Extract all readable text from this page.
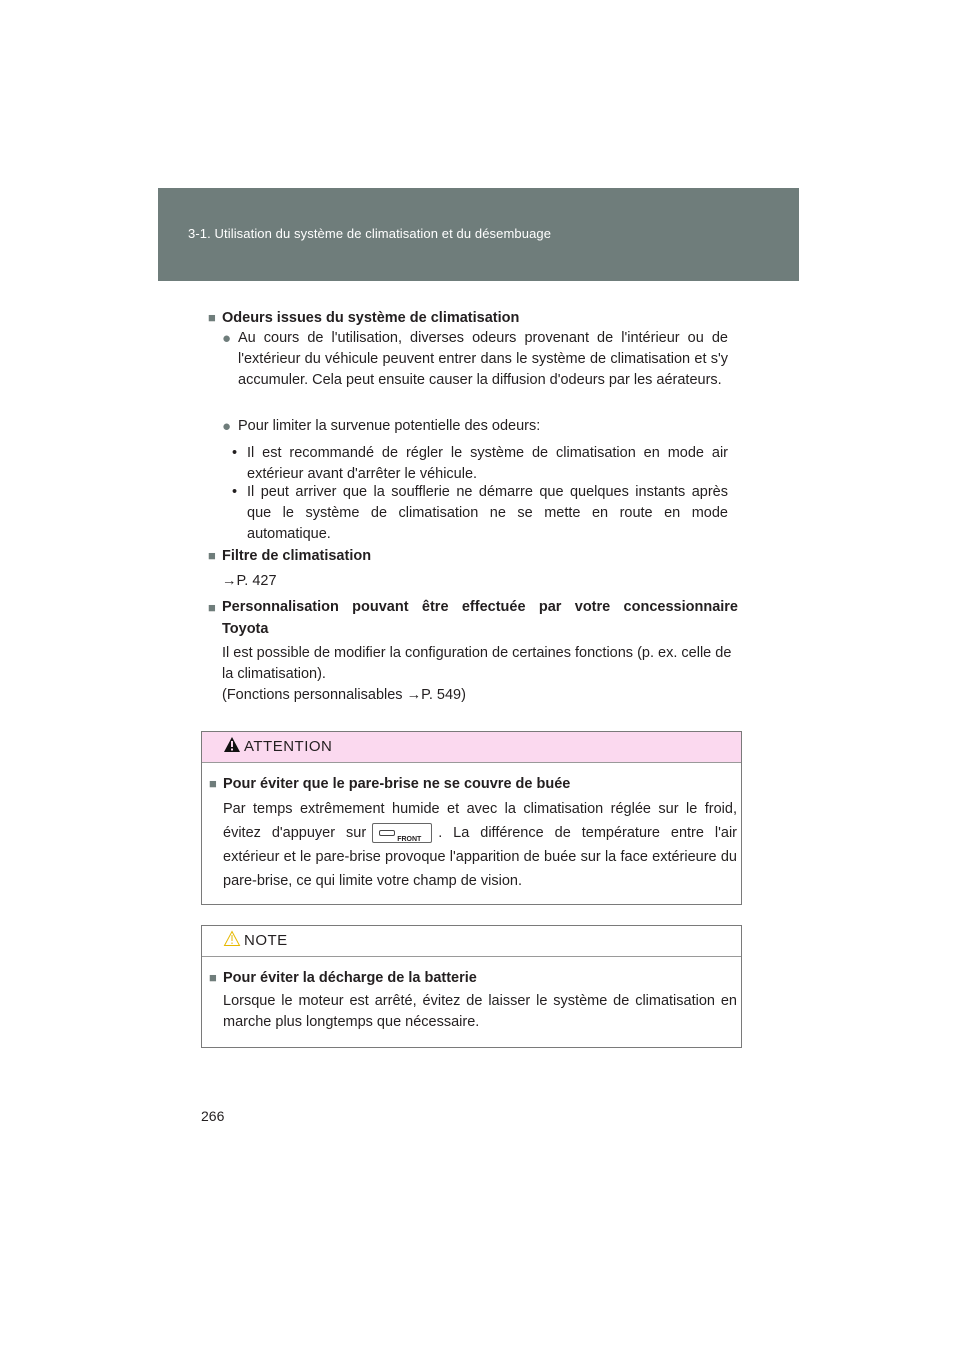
3-1. Utilisation du système de climatisation et du désembuage
■ Odeurs issues du système de climatisation
● Au cours de l'utilisation, diverses odeurs provenant de l'intérieur ou de l'extérieur du véhicule peuvent entrer dans le système de climatisation et s'y accumuler. Cela peut ensuite causer la diffusion d'odeurs par les aérateurs.
● Pour limiter la survenue potentielle des odeurs:
• Il est recommandé de régler le système de climatisation en mode air extérieur avant d'arrêter le véhicule.
• Il peut arriver que la soufflerie ne démarre que quelques instants après que le système de climatisation ne se mette en route en mode automatique.
■ Filtre de climatisation
→P. 427
■ Personnalisation pouvant être effectuée par votre concessionnaire
Toyota
Il est possible de modifier la configuration de certaines fonctions (p. ex. celle de la climatisation).
(Fonctions personnalisables →P. 549)
ATTENTION
■ Pour éviter que le pare-brise ne se couvre de buée
Par temps extrêmement humide et avec la climatisation réglée sur le froid, évitez d'appuyer sur	FRONT . La différence de température entre l'air extérieur et le pare-brise provoque l'apparition de buée sur la face extérieure du pare-brise, ce qui limite votre champ de vision.
NOTE
■ Pour éviter la décharge de la batterie
Lorsque le moteur est arrêté, évitez de laisser le système de climatisation en marche plus longtemps que nécessaire.
266
